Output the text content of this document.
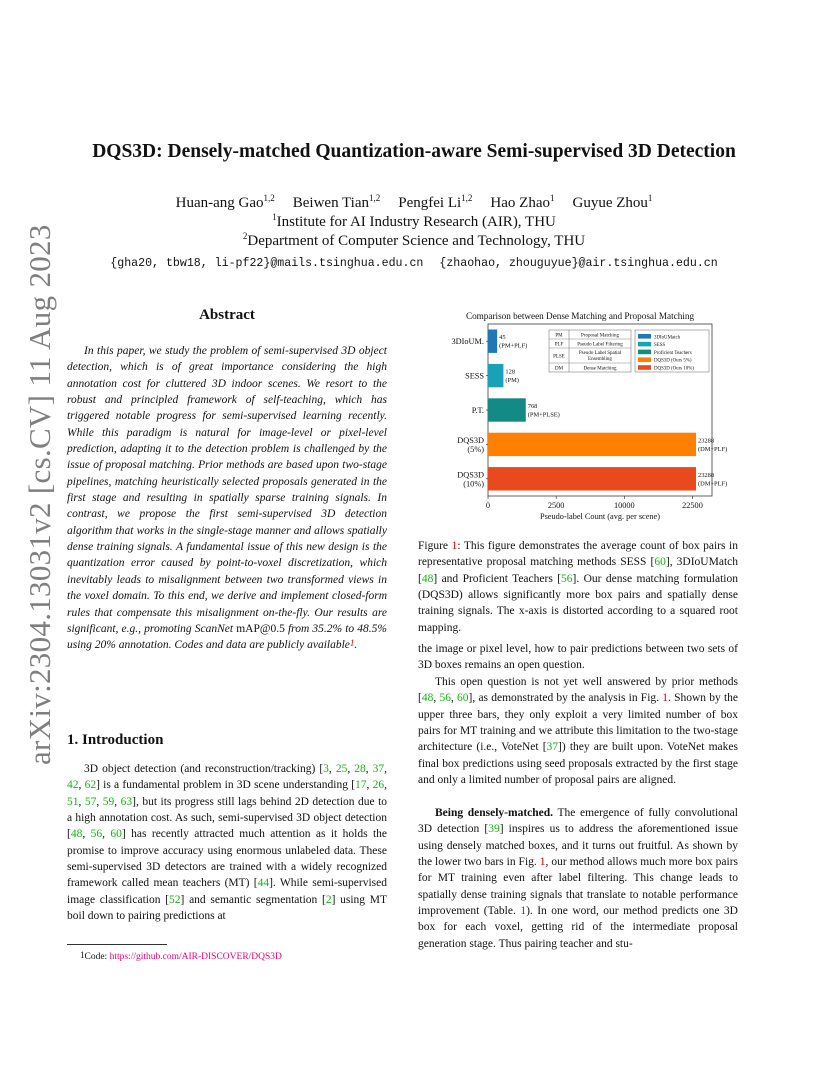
arXiv:2304.13031v2 [cs.CV] 11 Aug 2023
DQS3D: Densely-matched Quantization-aware Semi-supervised 3D Detection
Huan-ang Gao$^{1,2}$ Beiwen Tian$^{1,2}$ Pengfei Li$^{1,2}$ Hao Zhao$^1$ Guyue Zhou$^1$
$^1$Institute for AI Industry Research (AIR), THU
$^2$Department of Computer Science and Technology, THU
{gha20, tbw18, li-pf22}@mails.tsinghua.edu.cn {zhaohao, zhouguyue}@air.tsinghua.edu.cn
Abstract

In this paper, we study the problem of semi-supervised 3D object detection, which is of great importance considering the high annotation cost for cluttered 3D indoor scenes. We resort to the robust and principled framework of self-teaching, which has triggered notable progress for semi-supervised learning recently. While this paradigm is natural for image-level or pixel-level prediction, adapting it to the detection problem is challenged by the issue of proposal matching. Prior methods are based upon two-stage pipelines, matching heuristically selected proposals generated in the first stage and resulting in spatially sparse training signals. In contrast, we propose the first semi-supervised 3D detection algorithm that works in the single-stage manner and allows spatially dense training signals. A fundamental issue of this new design is the quantization error caused by point-to-voxel discretization, which inevitably leads to misalignment between two transformed views in the voxel domain. To this end, we derive and implement closed-form rules that compensate this misalignment on-the-fly. Our results are significant, e.g., promoting ScanNet mAP@0.5 from 35.2% to 48.5% using 20% annotation. Codes and data are publicly available$^1$.

1. Introduction

3D object detection (and reconstruction/tracking) [3, 25, 28, 37, 42, 62] is a fundamental problem in 3D scene understanding [17, 26, 51, 57, 59, 63], but its progress still lags behind 2D detection due to a high annotation cost. As such, semi-supervised 3D object detection [48, 56, 60] has recently attracted much attention as it holds the promise to improve accuracy using enormous unlabeled data. These semi-supervised 3D detectors are trained with a widely recognized framework called mean teachers (MT) [44]. While semi-supervised image classification [52] and semantic segmentation [2] using MT boil down to pairing predictions at

$^1$Code: https://github.com/AIR-DISCOVER/DQS3D
Comparison between Dense Matching and Proposal Matching
3DIoUM. 45
(PM+PLF)
SESS	128
(PM)
P.T.	768
(PM+PLSE)
DQS3D
(5%)
23288
(DM+PLF)
DQS3D
(10%)
23288
(DM+PLF)
0	2500	10000	22500
Pseudo-label Count (avg. per scene)
PM	Proposal Matching
PLF	Pseudo Label Filtering
PLSE
Pseudo Label Spatial
Ensembling
DM	Dense Matching
3DIoUMatch
SESS
Proficient Teachers
DQS3D (Ours 5%)
DQS3D (Ours 10%)

Figure 1: This figure demonstrates the average count of box pairs in representative proposal matching methods SESS [60], 3DIoUMatch [48] and Proficient Teachers [56]. Our dense matching formulation (DQS3D) allows significantly more box pairs and spatially dense training signals. The x-axis is distorted according to a squared root mapping.

the image or pixel level, how to pair predictions between two sets of 3D boxes remains an open question.

This open question is not yet well answered by prior methods [48, 56, 60], as demonstrated by the analysis in Fig. 1. Shown by the upper three bars, they only exploit a very limited number of box pairs for MT training and we attribute this limitation to the two-stage architecture (i.e., VoteNet [37]) they are built upon. VoteNet makes final box predictions using seed proposals extracted by the first stage and only a limited number of proposal pairs are aligned.

Being densely-matched. The emergence of fully convolutional 3D detection [39] inspires us to address the aforementioned issue using densely matched boxes, and it turns out fruitful. As shown by the lower two bars in Fig. 1, our method allows much more box pairs for MT training even after label filtering. This change leads to spatially dense training signals that translate to notable performance improvement (Table. 1). In one word, our method predicts one 3D box for each voxel, getting rid of the intermediate proposal generation stage. Thus pairing teacher and stu-
